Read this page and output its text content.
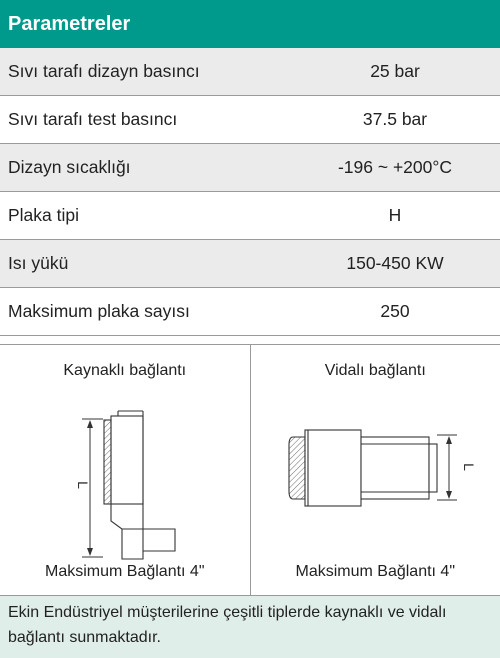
Parametreler
Sıvı tarafı dizayn basıncı	25 bar
Sıvı tarafı test basıncı	37.5 bar
Dizayn sıcaklığı	-196 ~ +200°C
Plaka tipi	H
Isı yükü	150-450 KW
Maksimum plaka sayısı	250
Kaynaklı bağlantı
L
Maksimum Bağlantı 4"
Vidalı bağlantı
L
Maksimum Bağlantı 4"
Ekin Endüstriyel müşterilerine çeşitli tiplerde kaynaklı ve vidalı bağlantı sunmaktadır.
